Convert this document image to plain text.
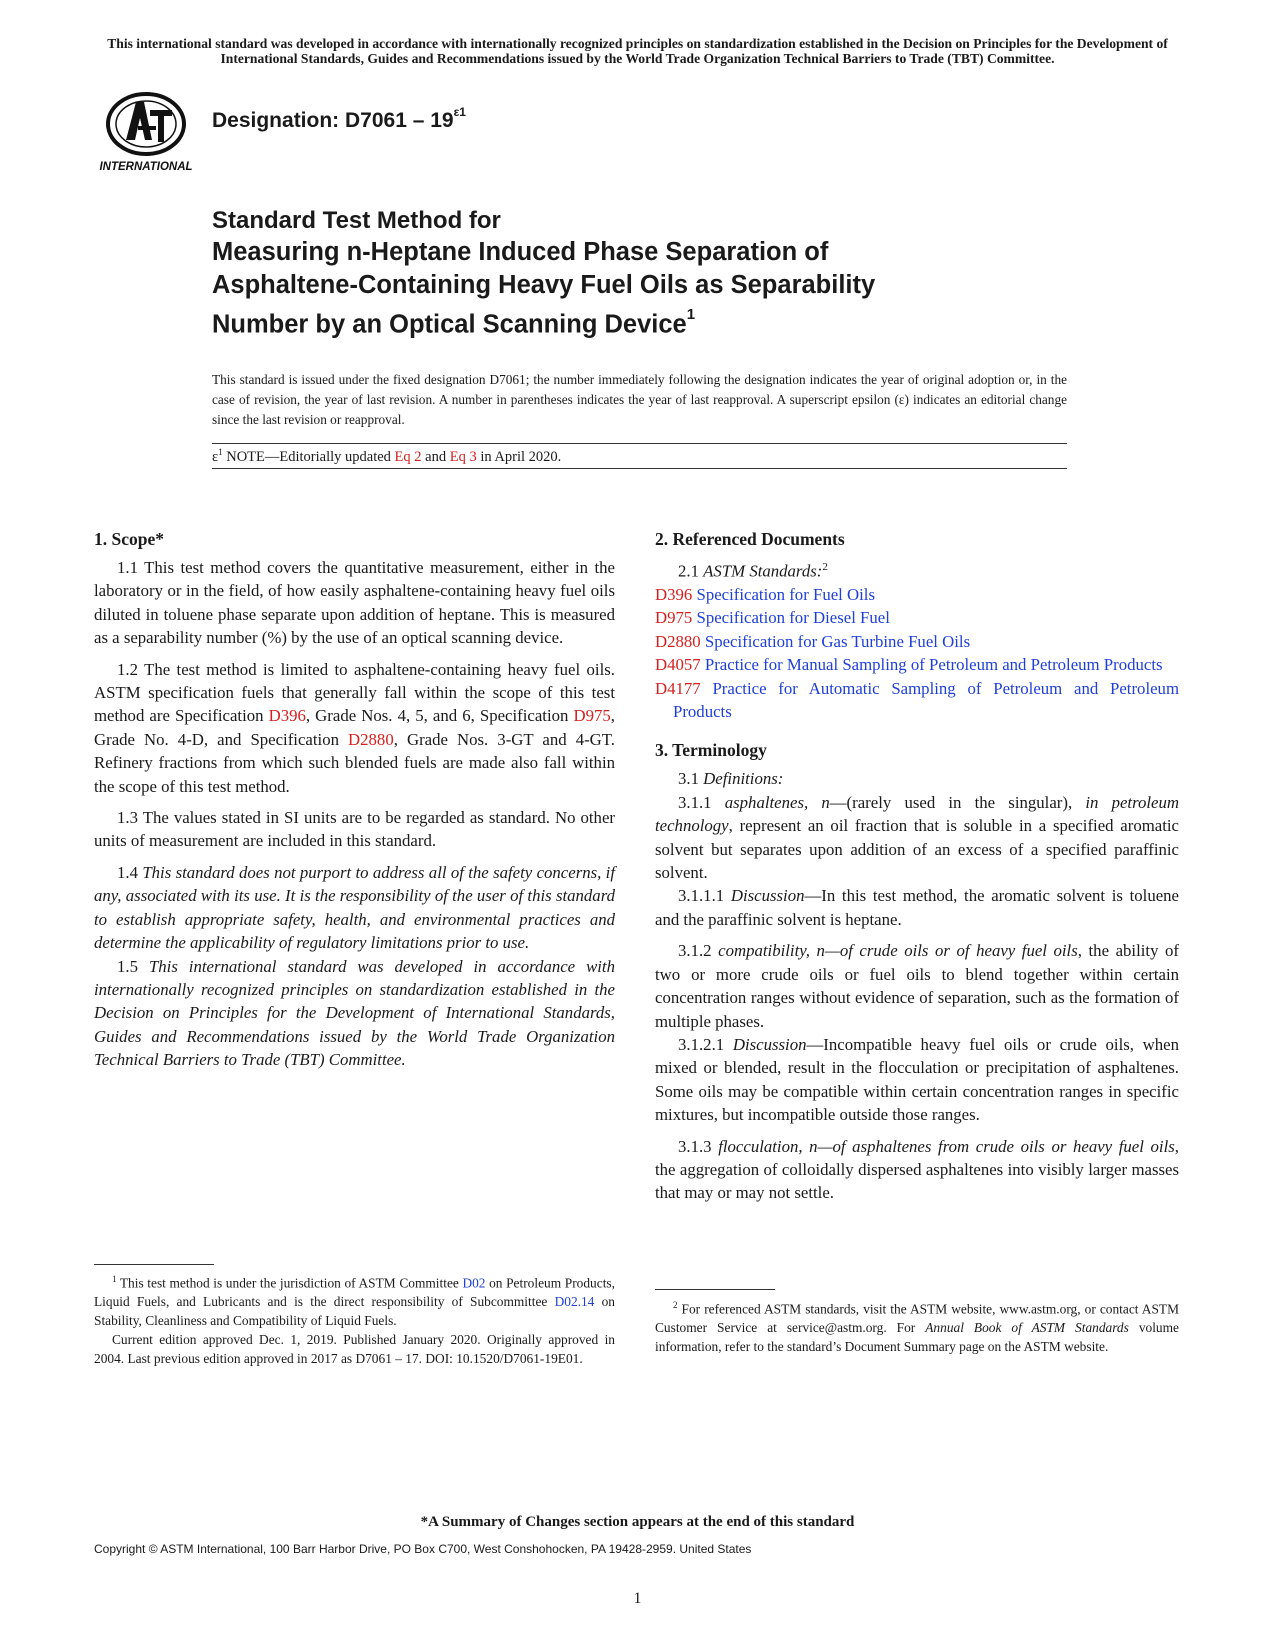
This international standard was developed in accordance with internationally recognized principles on standardization established in the Decision on Principles for the Development of International Standards, Guides and Recommendations issued by the World Trade Organization Technical Barriers to Trade (TBT) Committee.
INTERNATIONAL
Designation: $D7061 - 19^{\varepsilon 1}$
Standard Test Method for
Measuring n-Heptane Induced Phase Separation of
Asphaltene-Containing Heavy Fuel Oils as Separability
Number by an Optical Scanning Device$^1$
This standard is issued under the fixed designation D7061; the number immediately following the designation indicates the year of original adoption or, in the case of revision, the year of last revision. A number in parentheses indicates the year of last reapproval. A superscript epsilon (ε) indicates an editorial change since the last revision or reapproval.
$\varepsilon^1$ NOTE—Editorially updated Eq 2 and Eq 3 in April 2020.
1. Scope*

1.1 This test method covers the quantitative measurement, either in the laboratory or in the field, of how easily asphaltene-containing heavy fuel oils diluted in toluene phase separate upon addition of heptane. This is measured as a separability number (%) by the use of an optical scanning device.

1.2 The test method is limited to asphaltene-containing heavy fuel oils. ASTM specification fuels that generally fall within the scope of this test method are Specification D396, Grade Nos. 4, 5, and 6, Specification D975, Grade No. 4-D, and Specification D2880, Grade Nos. 3-GT and 4-GT. Refinery fractions from which such blended fuels are made also fall within the scope of this test method.

1.3 The values stated in SI units are to be regarded as standard. No other units of measurement are included in this standard.

1.4 This standard does not purport to address all of the safety concerns, if any, associated with its use. It is the responsibility of the user of this standard to establish appropriate safety, health, and environmental practices and determine the applicability of regulatory limitations prior to use.

1.5 This international standard was developed in accordance with internationally recognized principles on standardization established in the Decision on Principles for the Development of International Standards, Guides and Recommendations issued by the World Trade Organization Technical Barriers to Trade (TBT) Committee.

2. Referenced Documents

2.1 ASTM Standards:$^2$

D396 Specification for Fuel Oils
D975 Specification for Diesel Fuel
D2880 Specification for Gas Turbine Fuel Oils
D4057 Practice for Manual Sampling of Petroleum and Petroleum Products
D4177 Practice for Automatic Sampling of Petroleum and Petroleum Products
3. Terminology

3.1 Definitions:

3.1.1 asphaltenes, n—(rarely used in the singular), in petroleum technology, represent an oil fraction that is soluble in a specified aromatic solvent but separates upon addition of an excess of a specified paraffinic solvent.

3.1.1.1 Discussion—In this test method, the aromatic solvent is toluene and the paraffinic solvent is heptane.

3.1.2 compatibility, n—of crude oils or of heavy fuel oils, the ability of two or more crude oils or fuel oils to blend together within certain concentration ranges without evidence of separation, such as the formation of multiple phases.

3.1.2.1 Discussion—Incompatible heavy fuel oils or crude oils, when mixed or blended, result in the flocculation or precipitation of asphaltenes. Some oils may be compatible within certain concentration ranges in specific mixtures, but incompatible outside those ranges.

3.1.3 flocculation, n—of asphaltenes from crude oils or heavy fuel oils, the aggregation of colloidally dispersed asphaltenes into visibly larger masses that may or may not settle.

$^1$ This test method is under the jurisdiction of ASTM Committee D02 on Petroleum Products, Liquid Fuels, and Lubricants and is the direct responsibility of Subcommittee D02.14 on Stability, Cleanliness and Compatibility of Liquid Fuels.

Current edition approved Dec. 1, 2019. Published January 2020. Originally approved in 2004. Last previous edition approved in 2017 as D7061 – 17. DOI: 10.1520/D7061-19E01.

$^2$ For referenced ASTM standards, visit the ASTM website, www.astm.org, or contact ASTM Customer Service at service@astm.org. For Annual Book of ASTM Standards volume information, refer to the standard’s Document Summary page on the ASTM website.

*A Summary of Changes section appears at the end of this standard
Copyright © ASTM International, 100 Barr Harbor Drive, PO Box C700, West Conshohocken, PA 19428-2959. United States
1
